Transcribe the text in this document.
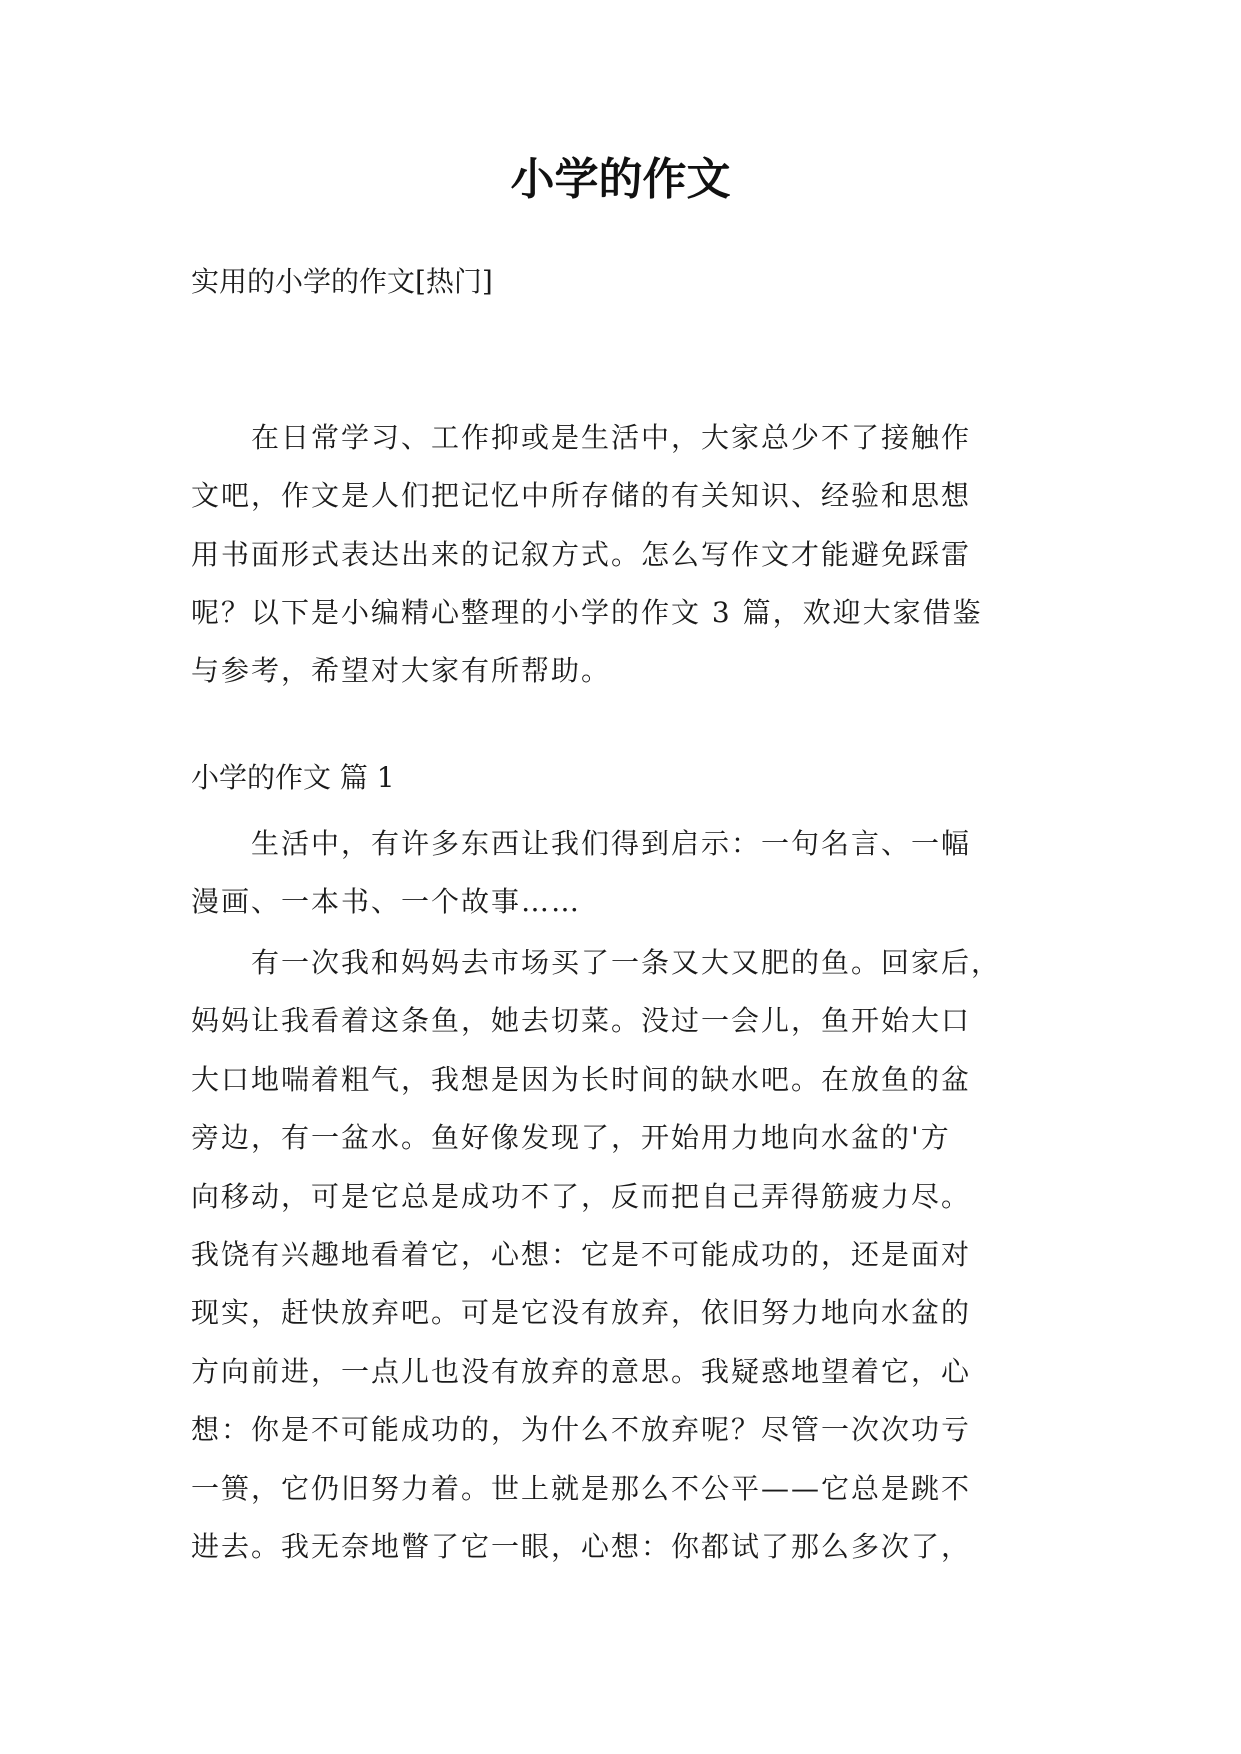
小学的作文

实用的小学的作文[热门]

　　在日常学习、工作抑或是生活中，大家总少不了接触作
文吧，作文是人们把记忆中所存储的有关知识、经验和思想
用书面形式表达出来的记叙方式。怎么写作文才能避免踩雷
呢？以下是小编精心整理的小学的作文 3 篇，欢迎大家借鉴
与参考，希望对大家有所帮助。

小学的作文 篇 1

　　生活中，有许多东西让我们得到启示：一句名言、一幅
漫画、一本书、一个故事……
　　有一次我和妈妈去市场买了一条又大又肥的鱼。回家后，
妈妈让我看着这条鱼，她去切菜。没过一会儿，鱼开始大口
大口地喘着粗气，我想是因为长时间的缺水吧。在放鱼的盆
旁边，有一盆水。鱼好像发现了，开始用力地向水盆的'方
向移动，可是它总是成功不了，反而把自己弄得筋疲力尽。
我饶有兴趣地看着它，心想：它是不可能成功的，还是面对
现实，赶快放弃吧。可是它没有放弃，依旧努力地向水盆的
方向前进，一点儿也没有放弃的意思。我疑惑地望着它，心
想：你是不可能成功的，为什么不放弃呢？尽管一次次功亏
一篑，它仍旧努力着。世上就是那么不公平——它总是跳不
进去。我无奈地瞥了它一眼，心想：你都试了那么多次了，
